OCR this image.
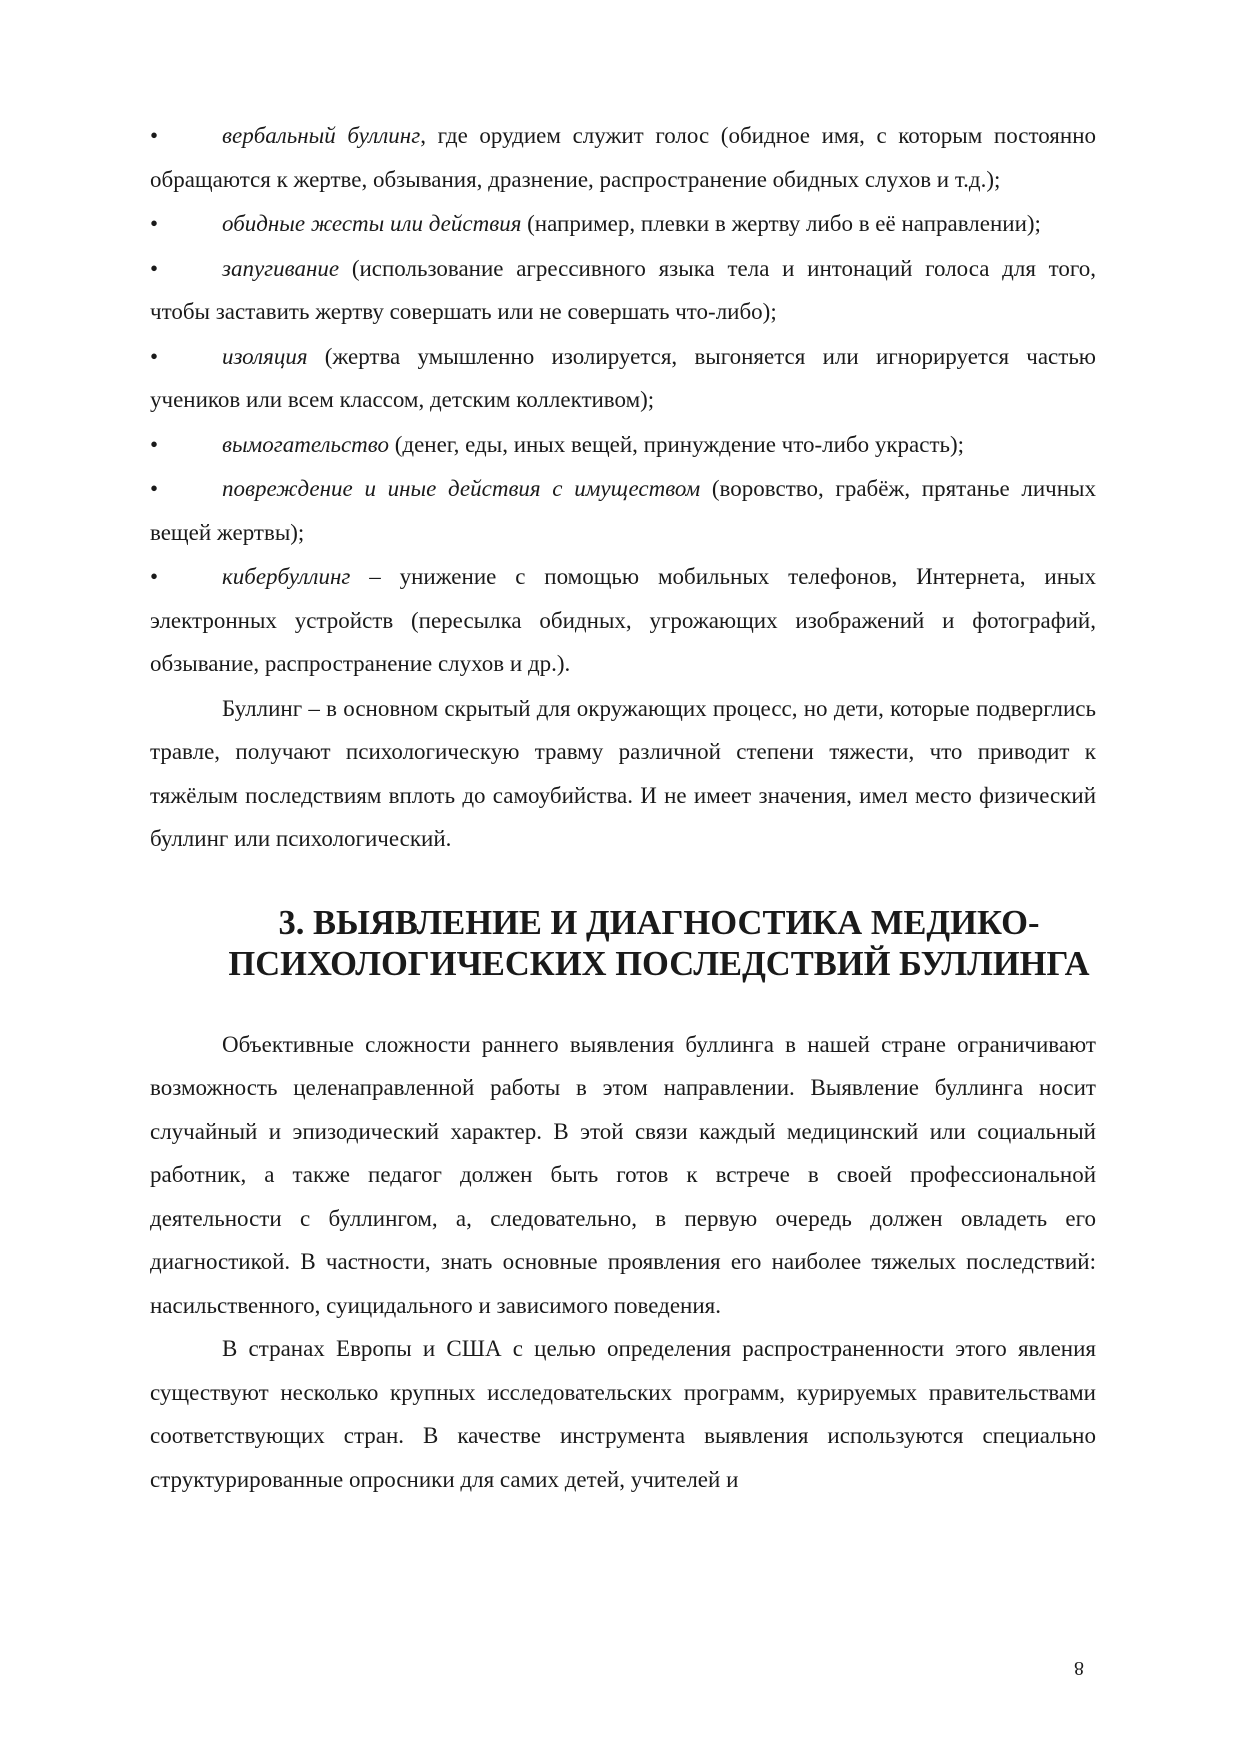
•	вербальный буллинг, где орудием служит голос (обидное имя, с которым постоянно обращаются к жертве, обзывания, дразнение, распространение обидных слухов и т.д.);

•	обидные жесты или действия (например, плевки в жертву либо в её направлении);

•	запугивание (использование агрессивного языка тела и интонаций голоса для того, чтобы заставить жертву совершать или не совершать что-либо);

•	изоляция (жертва умышленно изолируется, выгоняется или игнорируется частью учеников или всем классом, детским коллективом);

•	вымогательство (денег, еды, иных вещей, принуждение что-либо украсть);

•	повреждение и иные действия с имуществом (воровство, грабёж, прятанье личных вещей жертвы);

•	кибербуллинг – унижение с помощью мобильных телефонов, Интернета, иных электронных устройств (пересылка обидных, угрожающих изображений и фотографий, обзывание, распространение слухов и др.).

Буллинг – в основном скрытый для окружающих процесс, но дети, которые подверглись травле, получают психологическую травму различной степени тяжести, что приводит к тяжёлым последствиям вплоть до самоубийства. И не имеет значения, имел место физический буллинг или психологический.

3. ВЫЯВЛЕНИЕ И ДИАГНОСТИКА МЕДИКО-ПСИХОЛОГИЧЕСКИХ ПОСЛЕДСТВИЙ БУЛЛИНГА

Объективные сложности раннего выявления буллинга в нашей стране ограничивают возможность целенаправленной работы в этом направлении. Выявление буллинга носит случайный и эпизодический характер. В этой связи каждый медицинский или социальный работник, а также педагог должен быть готов к встрече в своей профессиональной деятельности с буллингом, а, следовательно, в первую очередь должен овладеть его диагностикой. В частности, знать основные проявления его наиболее тяжелых последствий: насильственного, суицидального и зависимого поведения.

В странах Европы и США с целью определения распространенности этого явления существуют несколько крупных исследовательских программ, курируемых правительствами соответствующих стран. В качестве инструмента выявления используются специально структурированные опросники для самих детей, учителей и

8
